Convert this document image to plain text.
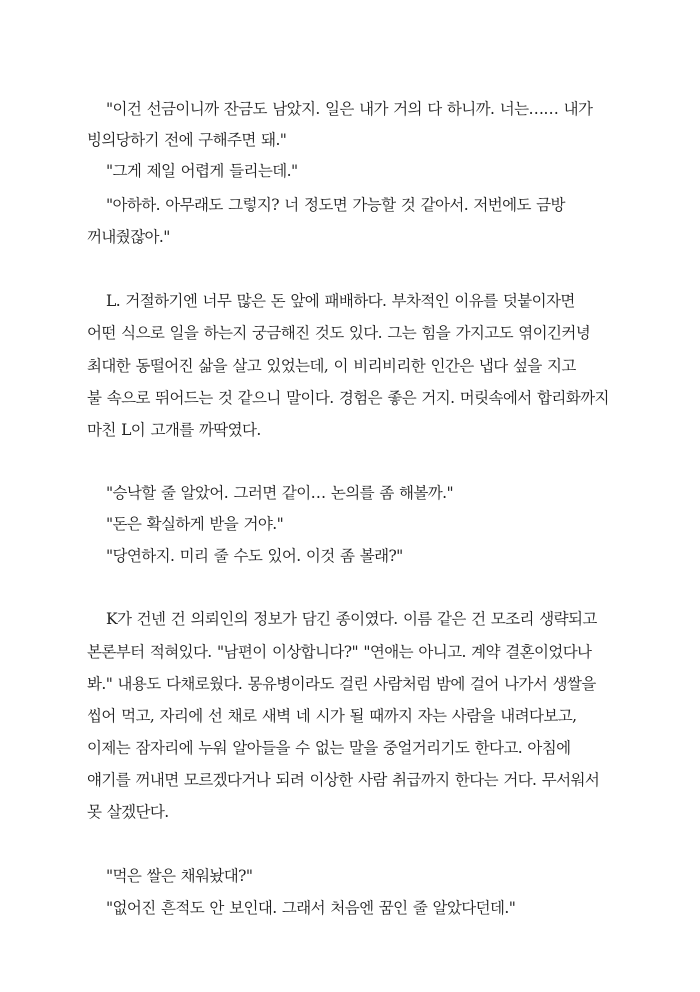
"이건 선금이니까 잔금도 남았지. 일은 내가 거의 다 하니까. 너는…… 내가
빙의당하기 전에 구해주면 돼."
"그게 제일 어렵게 들리는데."
"아하하. 아무래도 그렇지? 너 정도면 가능할 것 같아서. 저번에도 금방
꺼내줬잖아."
L. 거절하기엔 너무 많은 돈 앞에 패배하다. 부차적인 이유를 덧붙이자면
어떤 식으로 일을 하는지 궁금해진 것도 있다. 그는 힘을 가지고도 엮이긴커녕
최대한 동떨어진 삶을 살고 있었는데, 이 비리비리한 인간은 냅다 섶을 지고
불 속으로 뛰어드는 것 같으니 말이다. 경험은 좋은 거지. 머릿속에서 합리화까지
마친 L이 고개를 까딱였다.
"승낙할 줄 알았어. 그러면 같이… 논의를 좀 해볼까."
"돈은 확실하게 받을 거야."
"당연하지. 미리 줄 수도 있어. 이것 좀 볼래?"
K가 건넨 건 의뢰인의 정보가 담긴 종이였다. 이름 같은 건 모조리 생략되고
본론부터 적혀있다. "남편이 이상합니다?" "연애는 아니고. 계약 결혼이었다나
봐." 내용도 다채로웠다. 몽유병이라도 걸린 사람처럼 밤에 걸어 나가서 생쌀을
씹어 먹고, 자리에 선 채로 새벽 네 시가 될 때까지 자는 사람을 내려다보고,
이제는 잠자리에 누워 알아들을 수 없는 말을 중얼거리기도 한다고. 아침에
얘기를 꺼내면 모르겠다거나 되려 이상한 사람 취급까지 한다는 거다. 무서워서
못 살겠단다.
"먹은 쌀은 채워놨대?"
"없어진 흔적도 안 보인대. 그래서 처음엔 꿈인 줄 알았다던데."
